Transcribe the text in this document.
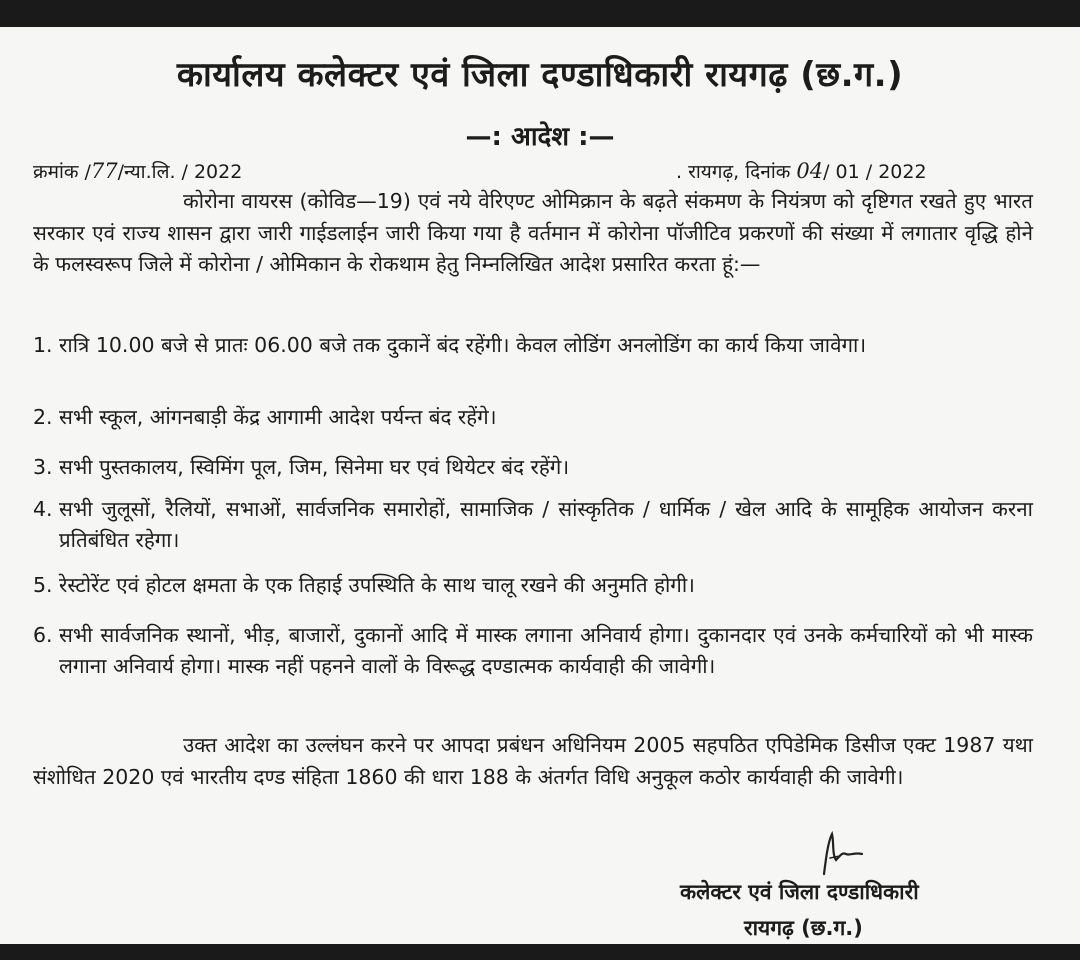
कार्यालय कलेक्टर एवं जिला दण्डाधिकारी रायगढ़ (छ.ग.)
—: आदेश :—
क्रमांक /77/न्या.लि. / 2022	. रायगढ़, दिनांक 04/ 01 / 2022
कोरोना वायरस (कोविड—19) एवं नये वेरिएण्ट ओमिक्रान के बढ़ते संकमण के नियंत्रण को दृष्टिगत रखते हुए भारत सरकार एवं राज्य शासन द्वारा जारी गाईडलाईन जारी किया गया है वर्तमान में कोरोना पॉजीटिव प्रकरणों की संख्या में लगातार वृद्धि होने के फलस्वरूप जिले में कोरोना / ओमिकान के रोकथाम हेतु निम्नलिखित आदेश प्रसारित करता हूं:—
1. रात्रि 10.00 बजे से प्रातः 06.00 बजे तक दुकानें बंद रहेंगी। केवल लोडिंग अनलोडिंग का कार्य किया जावेगा।
2. सभी स्कूल, आंगनबाड़ी केंद्र आगामी आदेश पर्यन्त बंद रहेंगे।
3. सभी पुस्तकालय, स्विमिंग पूल, जिम, सिनेमा घर एवं थियेटर बंद रहेंगे।
4. सभी जुलूसों, रैलियों, सभाओं, सार्वजनिक समारोहों, सामाजिक / सांस्कृतिक / धार्मिक / खेल आदि के सामूहिक आयोजन करना प्रतिबंधित रहेगा।
5. रेस्टोरेंट एवं होटल क्षमता के एक तिहाई उपस्थिति के साथ चालू रखने की अनुमति होगी।
6. सभी सार्वजनिक स्थानों, भीड़, बाजारों, दुकानों आदि में मास्क लगाना अनिवार्य होगा। दुकानदार एवं उनके कर्मचारियों को भी मास्क लगाना अनिवार्य होगा। मास्क नहीं पहनने वालों के विरूद्ध दण्डात्मक कार्यवाही की जावेगी।
उक्त आदेश का उल्लंघन करने पर आपदा प्रबंधन अधिनियम 2005 सहपठित एपिडेमिक डिसीज एक्ट 1987 यथा संशोधित 2020 एवं भारतीय दण्ड संहिता 1860 की धारा 188 के अंतर्गत विधि अनुकूल कठोर कार्यवाही की जावेगी।
कलेक्टर एवं जिला दण्डाधिकारी
रायगढ़ (छ.ग.)
